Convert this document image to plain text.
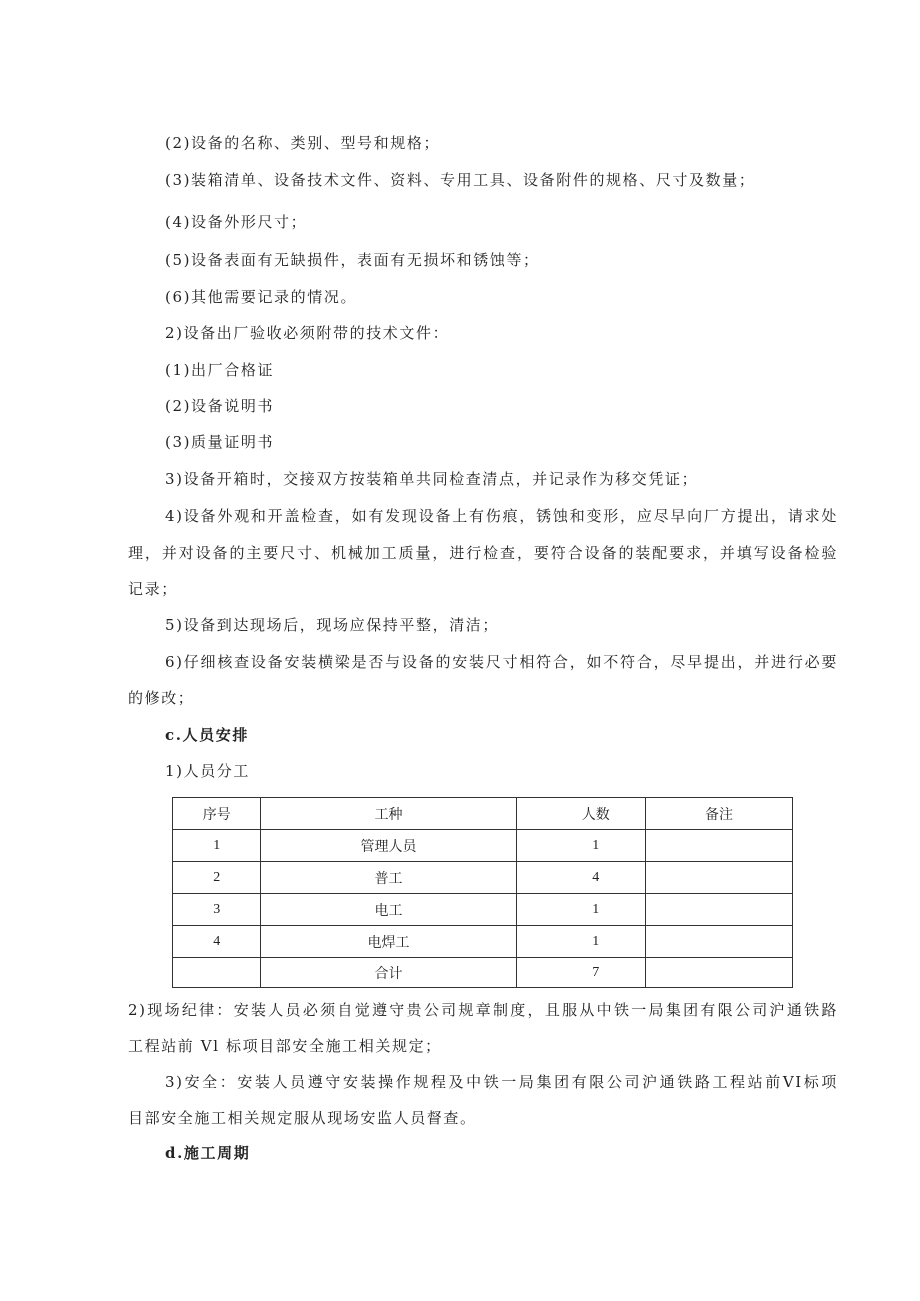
(2)设备的名称、类别、型号和规格；
(3)装箱清单、设备技术文件、资料、专用工具、设备附件的规格、尺寸及数量；
(4)设备外形尺寸；
(5)设备表面有无缺损件，表面有无损坏和锈蚀等；
(6)其他需要记录的情况。
2)设备出厂验收必须附带的技术文件：
(1)出厂合格证
(2)设备说明书
(3)质量证明书
3)设备开箱时，交接双方按装箱单共同检查清点，并记录作为移交凭证；
4)设备外观和开盖检查，如有发现设备上有伤痕，锈蚀和变形，应尽早向厂方提出，请求处
理，并对设备的主要尺寸、机械加工质量，进行检查，要符合设备的装配要求，并填写设备检验
记录；
5)设备到达现场后，现场应保持平整，清洁；
6)仔细核查设备安装横梁是否与设备的安装尺寸相符合，如不符合，尽早提出，并进行必要
的修改；
c.人员安排
1)人员分工
序号	工种	人数	备注
1	管理人员	1	
2	普工	4	
3	电工	1	
4	电焊工	1	
	合计	7	
2)现场纪律：安装人员必须自觉遵守贵公司规章制度，且服从中铁一局集团有限公司沪通铁路
工程站前 Vl 标项目部安全施工相关规定；
3)安全：安装人员遵守安装操作规程及中铁一局集团有限公司沪通铁路工程站前VI标项
目部安全施工相关规定服从现场安监人员督查。
d.施工周期
